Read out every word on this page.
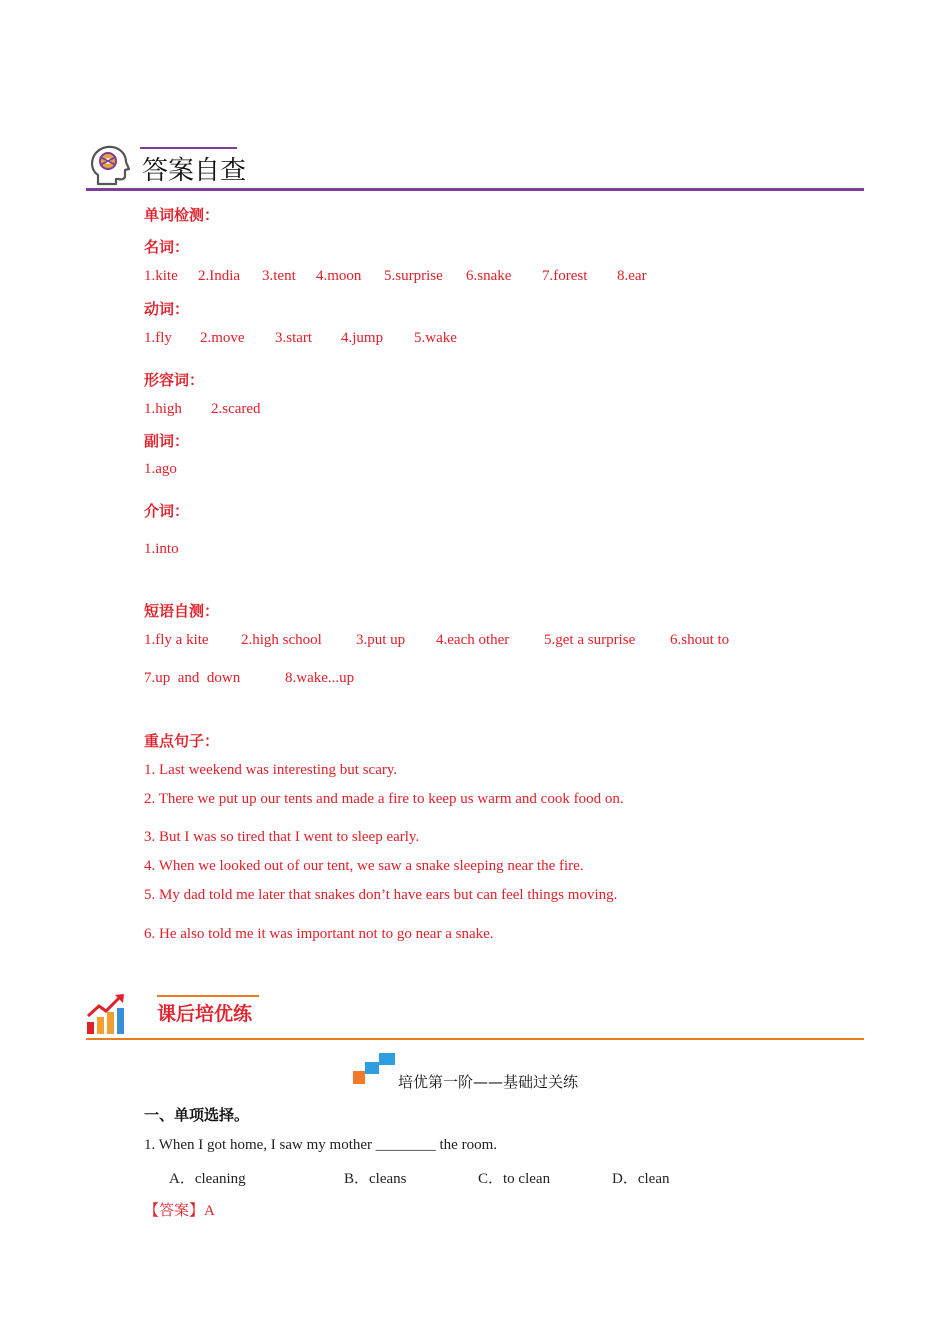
答案自查
单词检测：
名词：
1.kite 2.India 3.tent 4.moon 5.surprise 6.snake 7.forest 8.ear
动词：
1.fly 2.move 3.start 4.jump 5.wake
形容词：
1.high 2.scared
副词：
1.ago
介词：
1.into
短语自测：
1.fly a kite 2.high school 3.put up 4.each other 5.get a surprise 6.shout to
7.up  and  down	8.wake...up
重点句子：
1. Last weekend was interesting but scary.
2. There we put up our tents and made a fire to keep us warm and cook food on.
3. But I was so tired that I went to sleep early.
4. When we looked out of our tent, we saw a snake sleeping near the fire.
5. My dad told me later that snakes don’t have ears but can feel things moving.
6. He also told me it was important not to go near a snake.
课后培优练
培优第一阶——基础过关练
一、单项选择。
1. When I got home, I saw my mother ________ the room.
A．cleaning	B．cleans	C．to clean	D．clean
【答案】A
